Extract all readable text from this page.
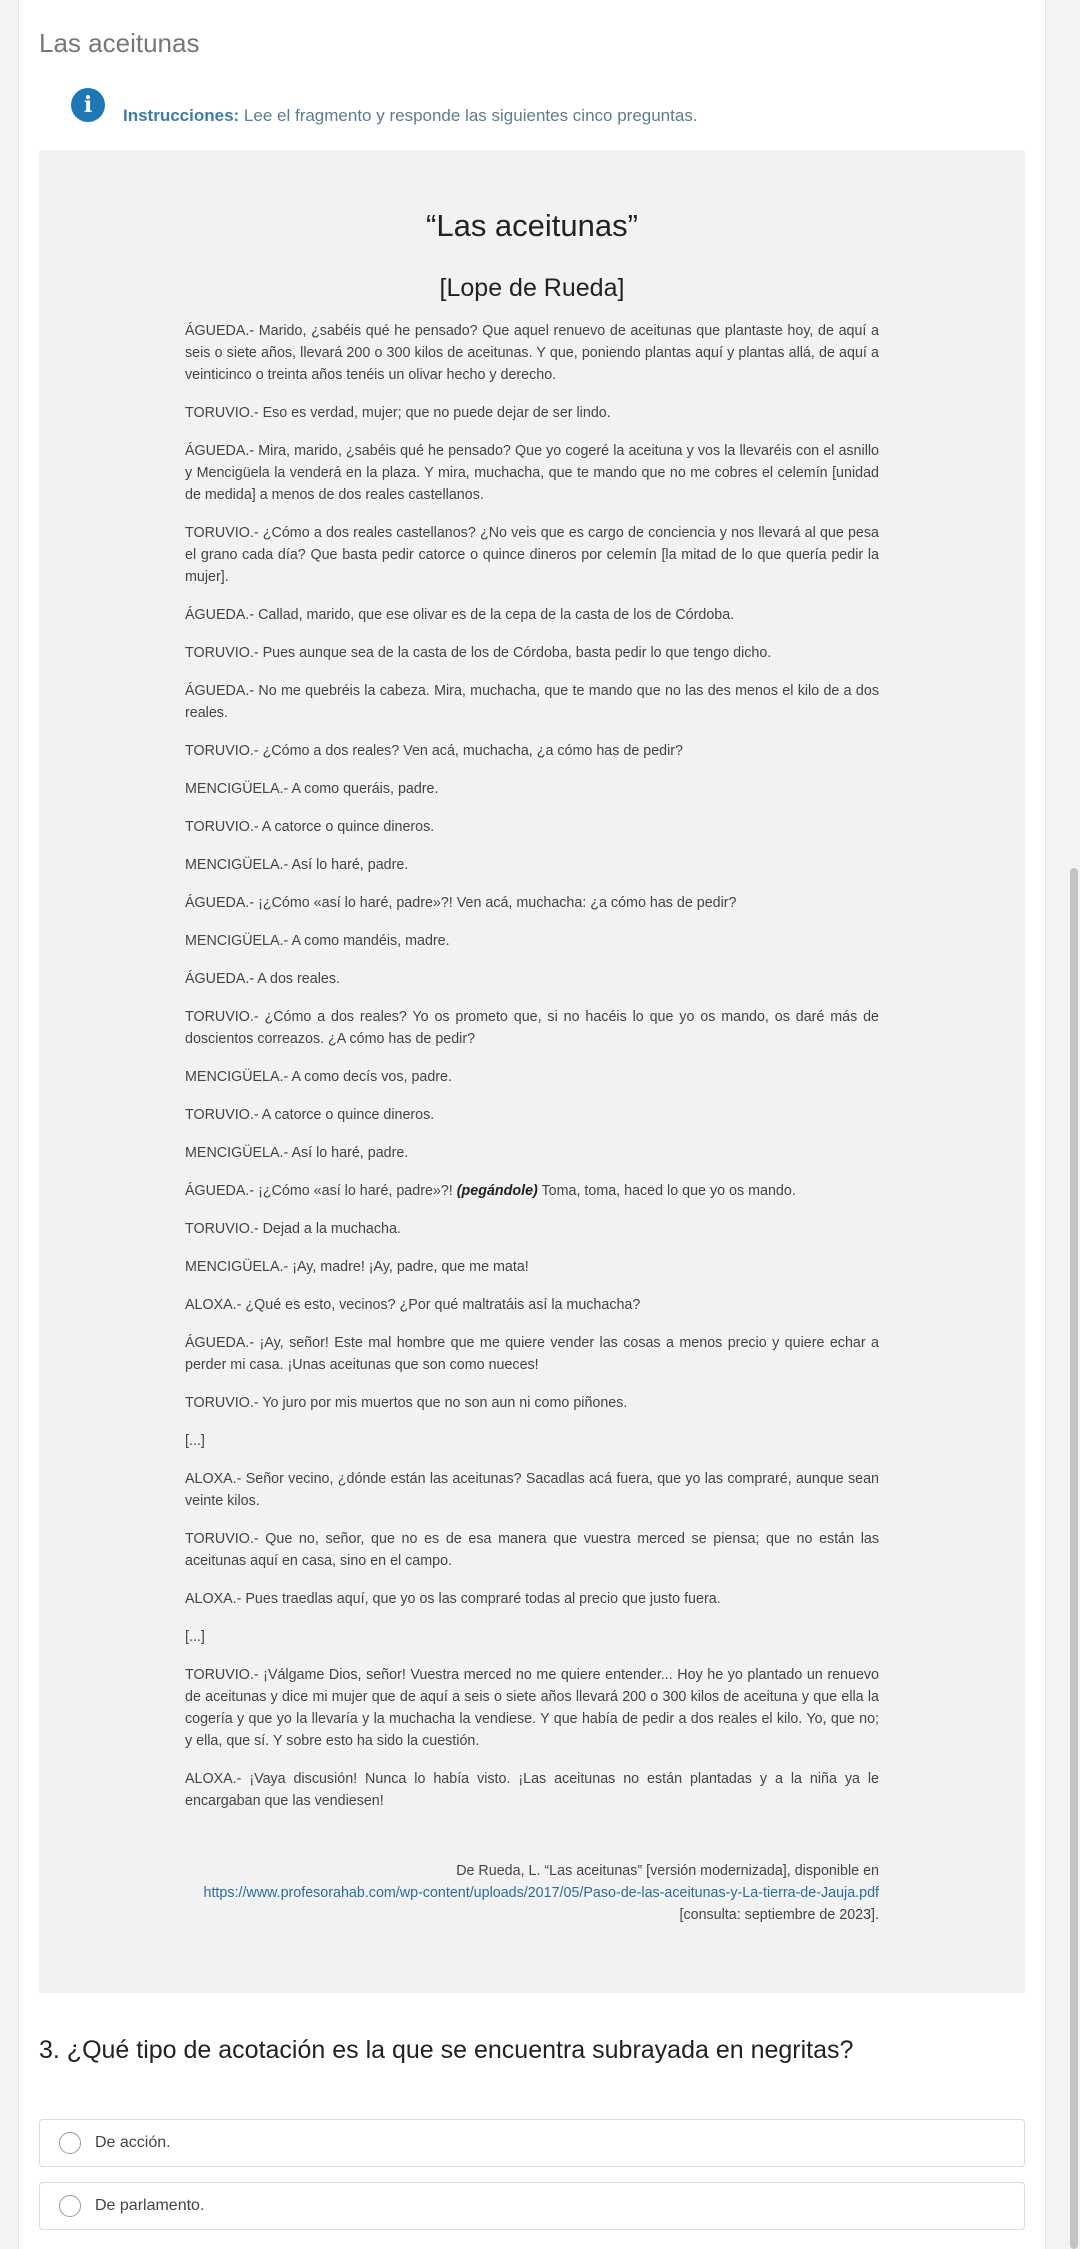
Las aceitunas
i	Instrucciones: Lee el fragmento y responde las siguientes cinco preguntas.
“Las aceitunas”
[Lope de Rueda]

ÁGUEDA.- Marido, ¿sabéis qué he pensado? Que aquel renuevo de aceitunas que plantaste hoy, de aquí a seis o siete años, llevará 200 o 300 kilos de aceitunas. Y que, poniendo plantas aquí y plantas allá, de aquí a veinticinco o treinta años tenéis un olivar hecho y derecho.

TORUVIO.- Eso es verdad, mujer; que no puede dejar de ser lindo.

ÁGUEDA.- Mira, marido, ¿sabéis qué he pensado? Que yo cogeré la aceituna y vos la llevaréis con el asnillo y Mencigüela la venderá en la plaza. Y mira, muchacha, que te mando que no me cobres el celemín [unidad de medida] a menos de dos reales castellanos.

TORUVIO.- ¿Cómo a dos reales castellanos? ¿No veis que es cargo de conciencia y nos llevará al que pesa el grano cada día? Que basta pedir catorce o quince dineros por celemín [la mitad de lo que quería pedir la mujer].

ÁGUEDA.- Callad, marido, que ese olivar es de la cepa de la casta de los de Córdoba.

TORUVIO.- Pues aunque sea de la casta de los de Córdoba, basta pedir lo que tengo dicho.

ÁGUEDA.- No me quebréis la cabeza. Mira, muchacha, que te mando que no las des menos el kilo de a dos reales.

TORUVIO.- ¿Cómo a dos reales? Ven acá, muchacha, ¿a cómo has de pedir?

MENCIGÜELA.- A como queráis, padre.

TORUVIO.- A catorce o quince dineros.

MENCIGÜELA.- Así lo haré, padre.

ÁGUEDA.- ¡¿Cómo «así lo haré, padre»?! Ven acá, muchacha: ¿a cómo has de pedir?

MENCIGÜELA.- A como mandéis, madre.

ÁGUEDA.- A dos reales.

TORUVIO.- ¿Cómo a dos reales? Yo os prometo que, si no hacéis lo que yo os mando, os daré más de doscientos correazos. ¿A cómo has de pedir?

MENCIGÜELA.- A como decís vos, padre.

TORUVIO.- A catorce o quince dineros.

MENCIGÜELA.- Así lo haré, padre.

ÁGUEDA.- ¡¿Cómo «así lo haré, padre»?! (pegándole) Toma, toma, haced lo que yo os mando.

TORUVIO.- Dejad a la muchacha.

MENCIGÜELA.- ¡Ay, madre! ¡Ay, padre, que me mata!

ALOXA.- ¿Qué es esto, vecinos? ¿Por qué maltratáis así la muchacha?

ÁGUEDA.- ¡Ay, señor! Este mal hombre que me quiere vender las cosas a menos precio y quiere echar a perder mi casa. ¡Unas aceitunas que son como nueces!

TORUVIO.- Yo juro por mis muertos que no son aun ni como piñones.

[...]

ALOXA.- Señor vecino, ¿dónde están las aceitunas? Sacadlas acá fuera, que yo las compraré, aunque sean veinte kilos.

TORUVIO.- Que no, señor, que no es de esa manera que vuestra merced se piensa; que no están las aceitunas aquí en casa, sino en el campo.

ALOXA.- Pues traedlas aquí, que yo os las compraré todas al precio que justo fuera.

[...]

TORUVIO.- ¡Válgame Dios, señor! Vuestra merced no me quiere entender... Hoy he yo plantado un renuevo de aceitunas y dice mi mujer que de aquí a seis o siete años llevará 200 o 300 kilos de aceituna y que ella la cogería y que yo la llevaría y la muchacha la vendiese. Y que había de pedir a dos reales el kilo. Yo, que no; y ella, que sí. Y sobre esto ha sido la cuestión.

ALOXA.- ¡Vaya discusión! Nunca lo había visto. ¡Las aceitunas no están plantadas y a la niña ya le encargaban que las vendiesen!

De Rueda, L. “Las aceitunas” [versión modernizada], disponible en
https://www.profesorahab.com/wp-content/uploads/2017/05/Paso-de-las-aceitunas-y-La-tierra-de-Jauja.pdf [consulta: septiembre de 2023].
3. ¿Qué tipo de acotación es la que se encuentra subrayada en negritas?
De acción.
De parlamento.
